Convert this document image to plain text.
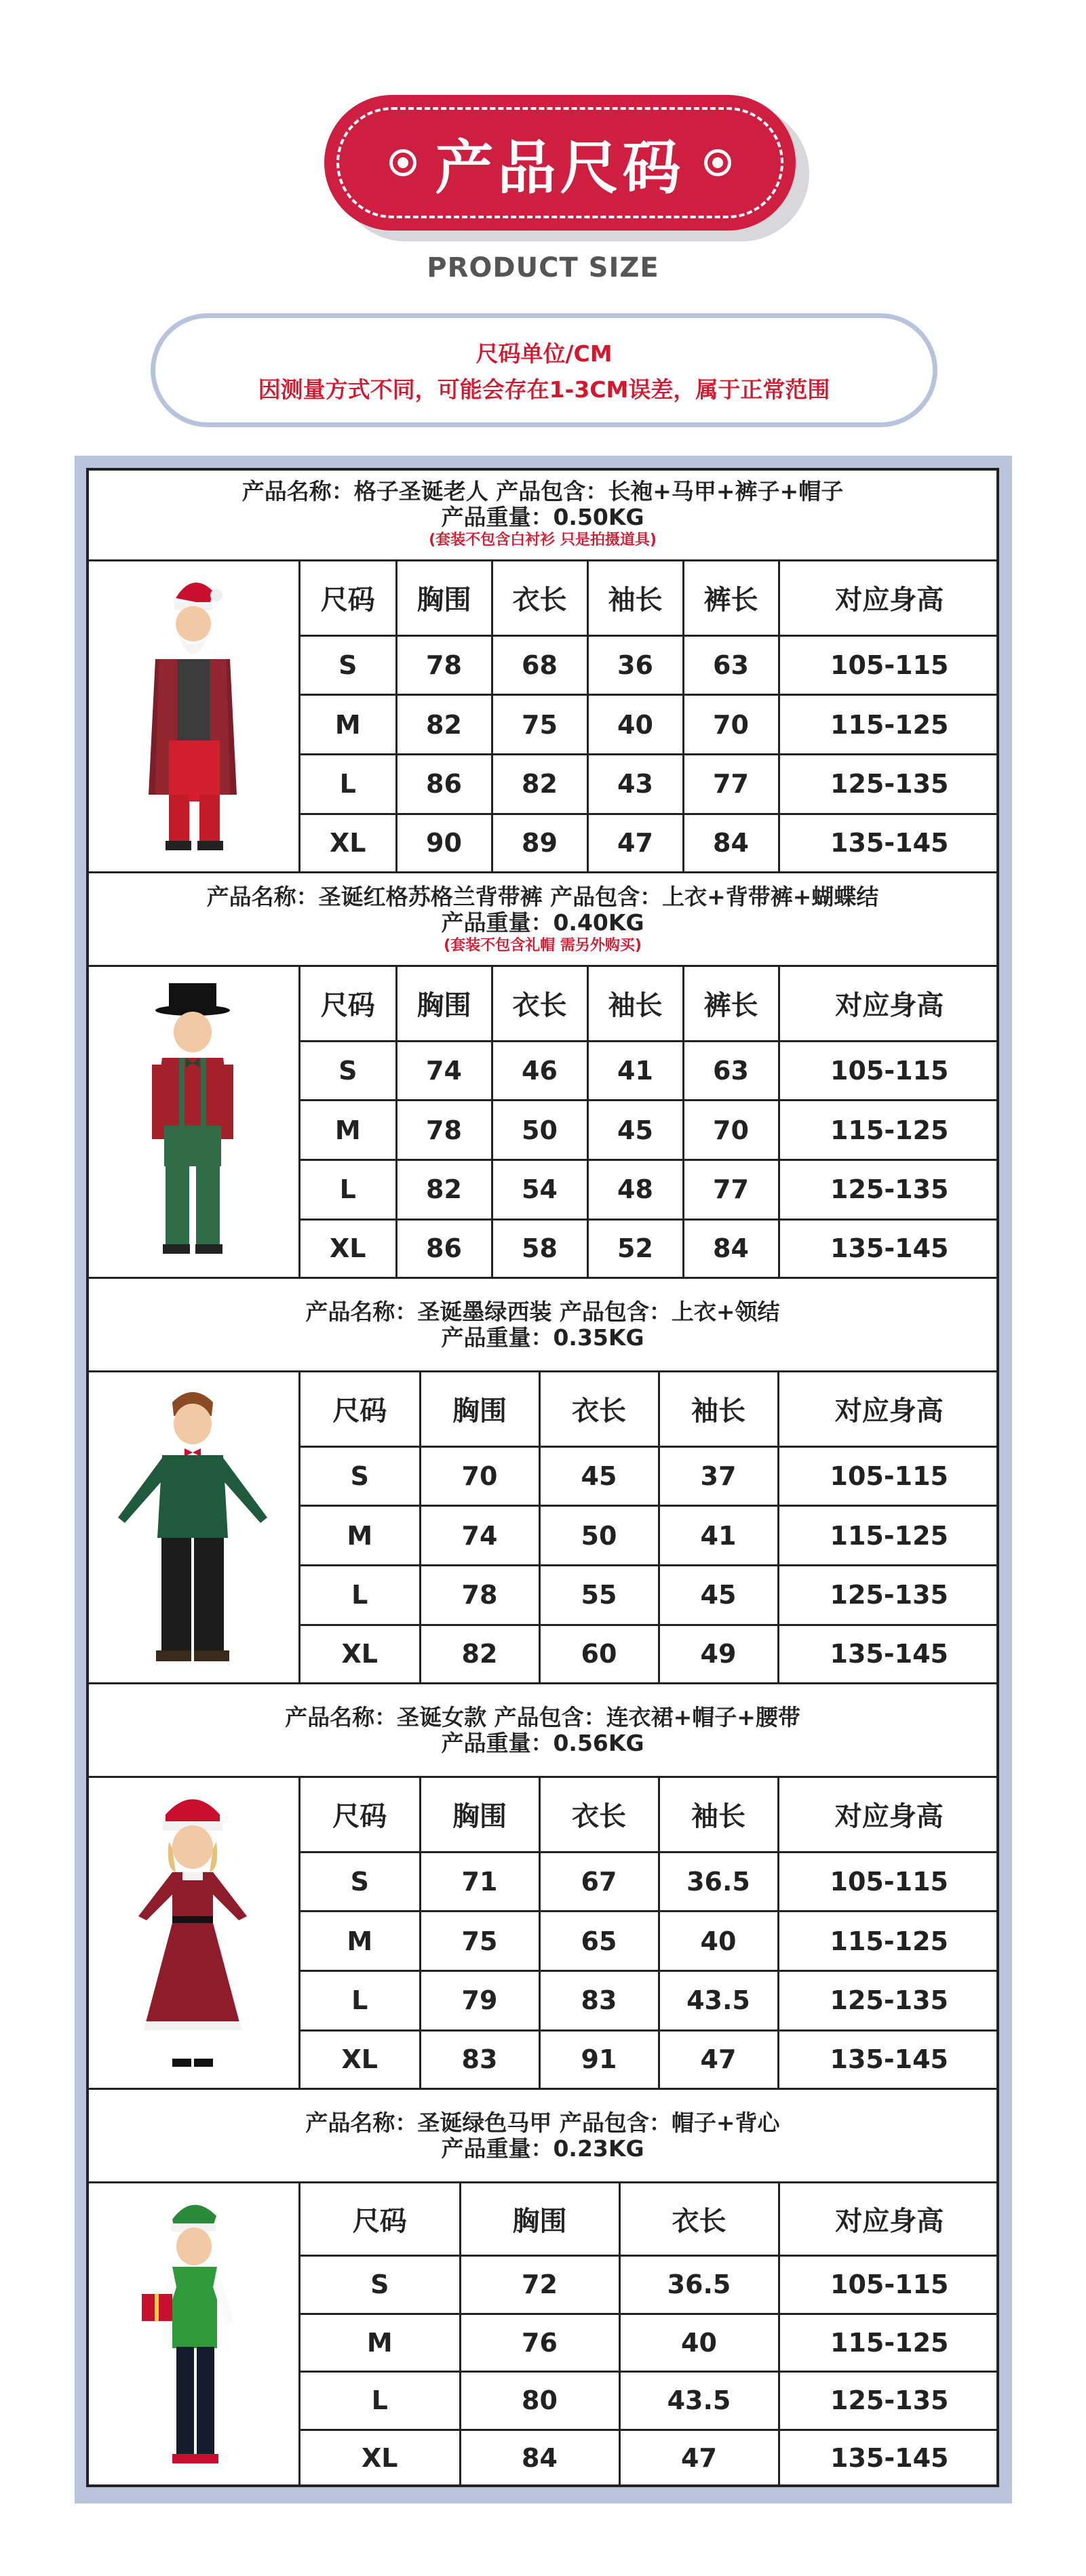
产品尺码
PRODUCT SIZE
尺码单位/CM
因测量方式不同，可能会存在1-3CM误差，属于正常范围
产品名称：格子圣诞老人 产品包含：长袍+马甲+裤子+帽子
产品重量：0.50KG
(套装不包含白衬衫 只是拍摄道具)
尺码	胸围	衣长	袖长	裤长	对应身高
S	78	68	36	63	105-115
M	82	75	40	70	115-125
L	86	82	43	77	125-135
XL	90	89	47	84	135-145
产品名称：圣诞红格苏格兰背带裤 产品包含：上衣+背带裤+蝴蝶结
产品重量：0.40KG
(套装不包含礼帽 需另外购买)
尺码	胸围	衣长	袖长	裤长	对应身高
S	74	46	41	63	105-115
M	78	50	45	70	115-125
L	82	54	48	77	125-135
XL	86	58	52	84	135-145
产品名称：圣诞墨绿西装 产品包含：上衣+领结
产品重量：0.35KG
尺码	胸围	衣长	袖长	对应身高
S	70	45	37	105-115
M	74	50	41	115-125
L	78	55	45	125-135
XL	82	60	49	135-145
产品名称：圣诞女款 产品包含：连衣裙+帽子+腰带
产品重量：0.56KG
尺码	胸围	衣长	袖长	对应身高
S	71	67	36.5	105-115
M	75	65	40	115-125
L	79	83	43.5	125-135
XL	83	91	47	135-145
产品名称：圣诞绿色马甲 产品包含：帽子+背心
产品重量：0.23KG
尺码	胸围	衣长	对应身高
S	72	36.5	105-115
M	76	40	115-125
L	80	43.5	125-135
XL	84	47	135-145
